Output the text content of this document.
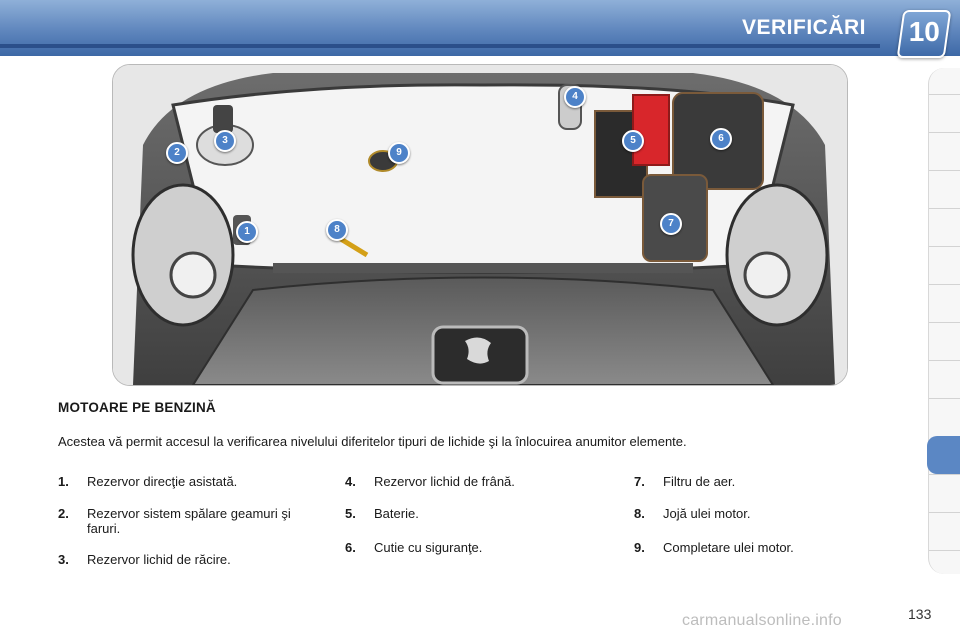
VERIFICĂRI 10
1
2
3
4
5	6
7
8
9
MOTOARE PE BENZINĂ
Acestea vă permit accesul la verificarea nivelului diferitelor tipuri de lichide şi la înlocuirea anumitor elemente.
1. Rezervor direcţie asistată.
2. Rezervor sistem spălare geamuri şi faruri.
3. Rezervor lichid de răcire.
4. Rezervor lichid de frână.
5. Baterie.
6. Cutie cu siguranţe.
7. Filtru de aer.
8. Jojă ulei motor.
9. Completare ulei motor.
carmanualsonline.info	133
